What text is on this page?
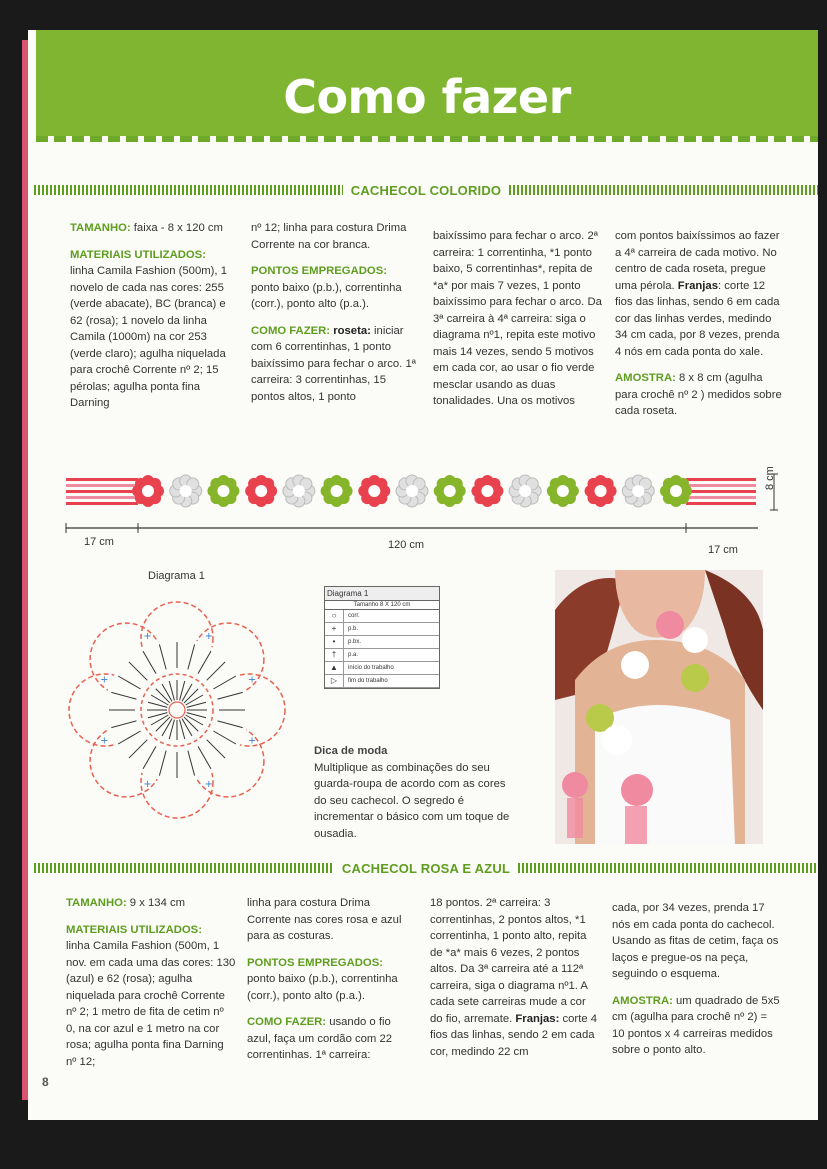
Como fazer
CACHECOL COLORIDO

TAMANHO: faixa - 8 x 120 cm

MATERIAIS UTILIZADOS:

linha Camila Fashion (500m), 1 novelo de cada nas cores: 255 (verde abacate), BC (branca) e 62 (rosa); 1 novelo da linha Camila (1000m) na cor 253 (verde claro); agulha niquelada para crochê Corrente nº 2; 15 pérolas; agulha ponta fina Darning

nº 12; linha para costura Drima Corrente na cor branca.

PONTOS EMPREGADOS:

ponto baixo (p.b.), correntinha (corr.), ponto alto (p.a.).

COMO FAZER: roseta: iniciar com 6 correntinhas, 1 ponto baixíssimo para fechar o arco. 1ª carreira: 3 correntinhas, 15 pontos altos, 1 ponto

baixíssimo para fechar o arco. 2ª carreira: 1 correntinha, *1 ponto baixo, 5 correntinhas*, repita de *a* por mais 7 vezes, 1 ponto baixíssimo para fechar o arco. Da 3ª carreira à 4ª carreira: siga o diagrama nº1, repita este motivo mais 14 vezes, sendo 5 motivos em cada cor, ao usar o fio verde mesclar usando as duas tonalidades. Una os motivos

com pontos baixíssimos ao fazer a 4ª carreira de cada motivo. No centro de cada roseta, pregue uma pérola. Franjas: corte 12 fios das linhas, sendo 6 em cada cor das linhas verdes, medindo 34 cm cada, por 8 vezes, prenda 4 nós em cada ponta do xale.

AMOSTRA: 8 x 8 cm (agulha para crochê nº 2 ) medidos sobre cada roseta.

17 cm	120 cm	17 cm
8 cm
Diagrama 1
+
+
+
+
+
+	+
+
Diagrama 1
Tamanho 8 X 120 cm
○	corr.
+	p.b.
•	p.bx.
†	p.a.
▲	início do trabalho
▷	fim do trabalho
Dica de moda
Multiplique as combinações do seu guarda-roupa de acordo com as cores do seu cachecol. O segredo é incrementar o básico com um toque de ousadia.
CACHECOL ROSA E AZUL

TAMANHO: 9 x 134 cm

MATERIAIS UTILIZADOS:

linha Camila Fashion (500m, 1 nov. em cada uma das cores: 130 (azul) e 62 (rosa); agulha niquelada para crochê Corrente nº 2; 1 metro de fita de cetim nº 0, na cor azul e 1 metro na cor rosa; agulha ponta fina Darning nº 12;

linha para costura Drima Corrente nas cores rosa e azul para as costuras.

PONTOS EMPREGADOS:

ponto baixo (p.b.), correntinha (corr.), ponto alto (p.a.).

COMO FAZER: usando o fio azul, faça um cordão com 22 correntinhas. 1ª carreira:

18 pontos. 2ª carreira: 3 correntinhas, 2 pontos altos, *1 correntinha, 1 ponto alto, repita de *a* mais 6 vezes, 2 pontos altos. Da 3ª carreira até a 112ª carreira, siga o diagrama nº1. A cada sete carreiras mude a cor do fio, arremate. Franjas: corte 4 fios das linhas, sendo 2 em cada cor, medindo 22 cm

cada, por 34 vezes, prenda 17 nós em cada ponta do cachecol. Usando as fitas de cetim, faça os laços e pregue-os na peça, seguindo o esquema.

AMOSTRA: um quadrado de 5x5 cm (agulha para crochê nº 2) = 10 pontos x 4 carreiras medidos sobre o ponto alto.

8
